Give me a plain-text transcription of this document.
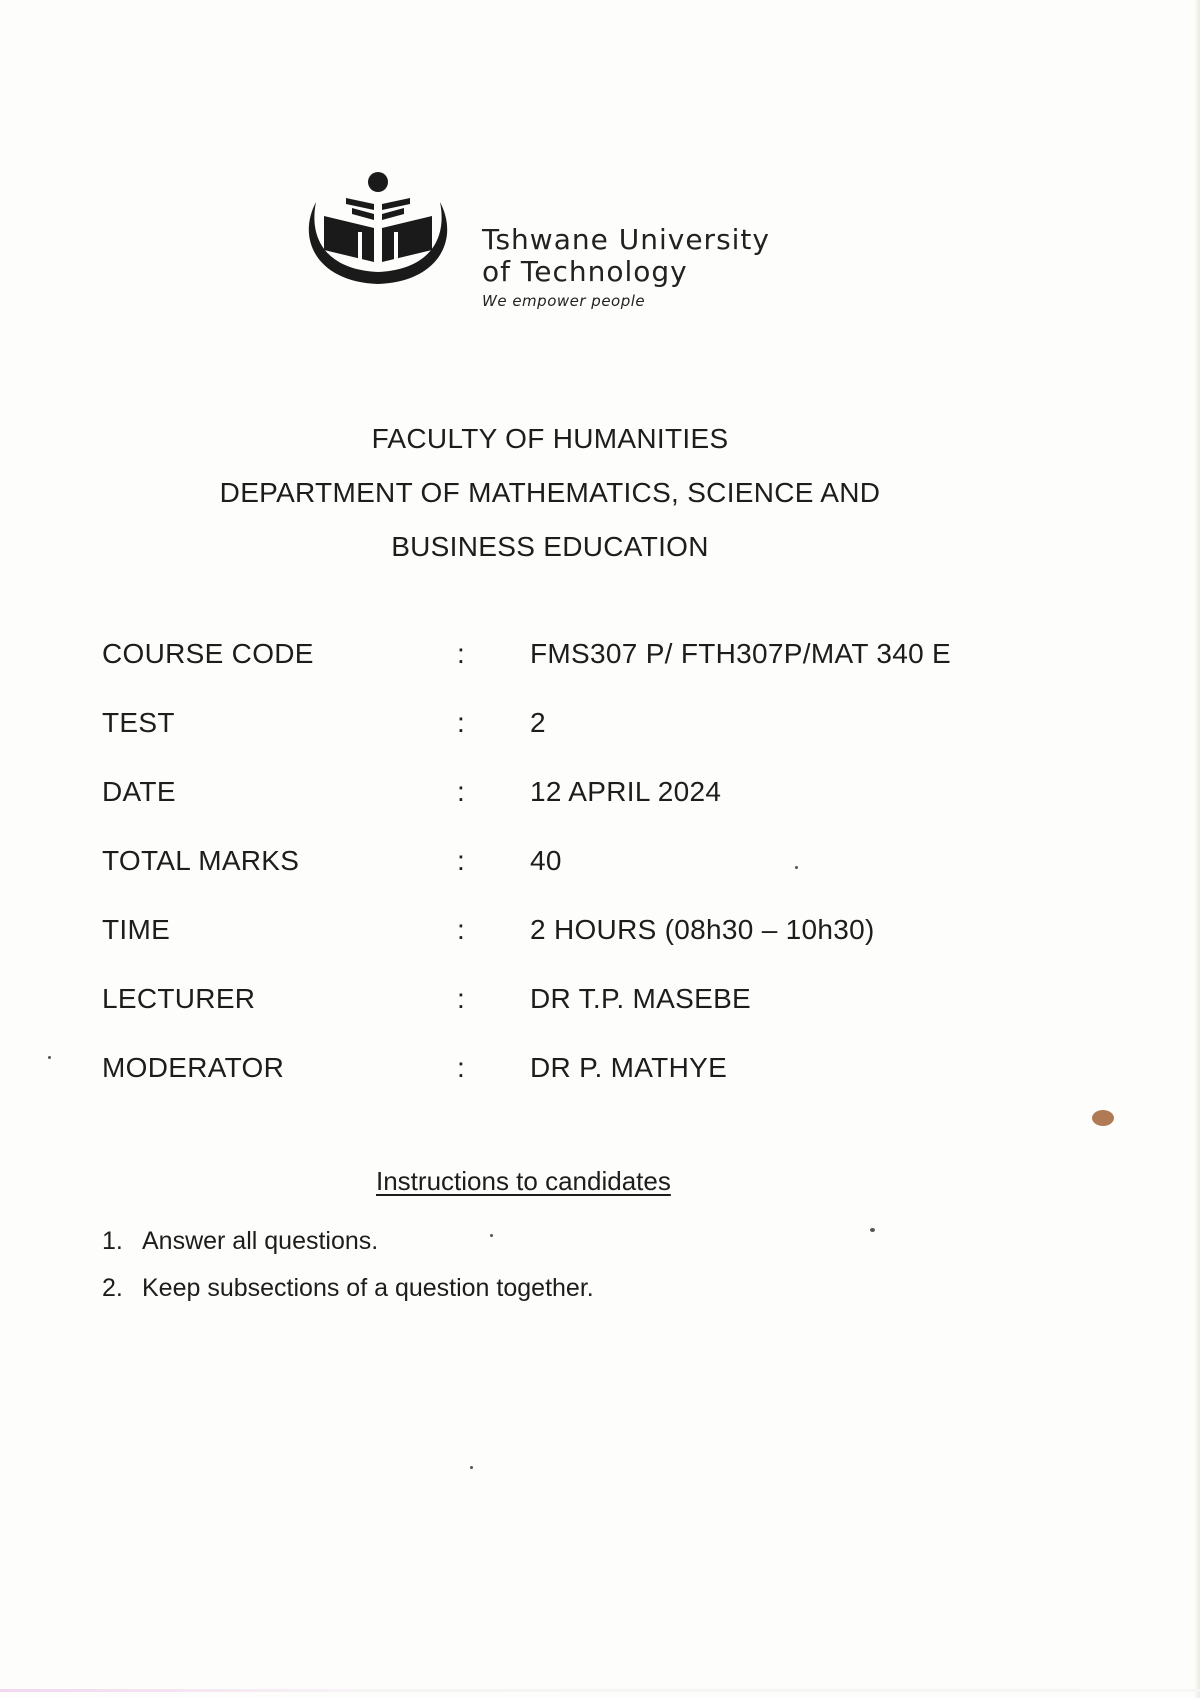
Tshwane University
of Technology
We empower people
FACULTY OF HUMANITIES
DEPARTMENT OF MATHEMATICS, SCIENCE AND
BUSINESS EDUCATION
COURSE CODE	: FMS307 P/ FTH307P/MAT 340 E
TEST	: 2
DATE	: 12 APRIL 2024
TOTAL MARKS	: 40
TIME	: 2 HOURS (08h30 – 10h30)
LECTURER	: DR T.P. MASEBE
MODERATOR	: DR P. MATHYE
Instructions to candidates
1. Answer all questions.
2. Keep subsections of a question together.
